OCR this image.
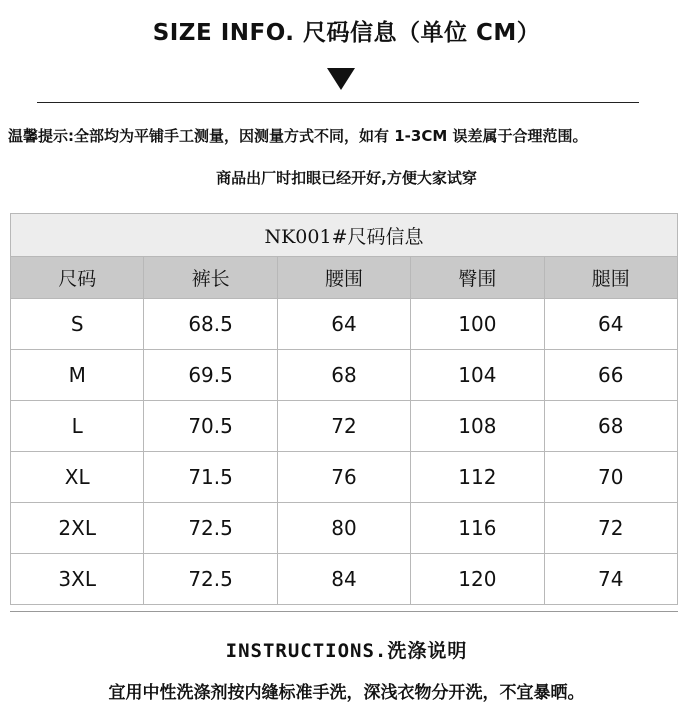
SIZE INFO. 尺码信息（单位 CM）
温馨提示:全部均为平铺手工测量，因测量方式不同，如有 1-3CM 误差属于合理范围。
商品出厂时扣眼已经开好,方便大家试穿
NK001#尺码信息				
尺码	裤长	腰围	臀围	腿围
S	68.5	64	100	64
M	69.5	68	104	66
L	70.5	72	108	68
XL	71.5	76	112	70
2XL	72.5	80	116	72
3XL	72.5	84	120	74
INSTRUCTIONS.洗涤说明
宜用中性洗涤剂按内缝标准手洗，深浅衣物分开洗，不宜暴晒。
